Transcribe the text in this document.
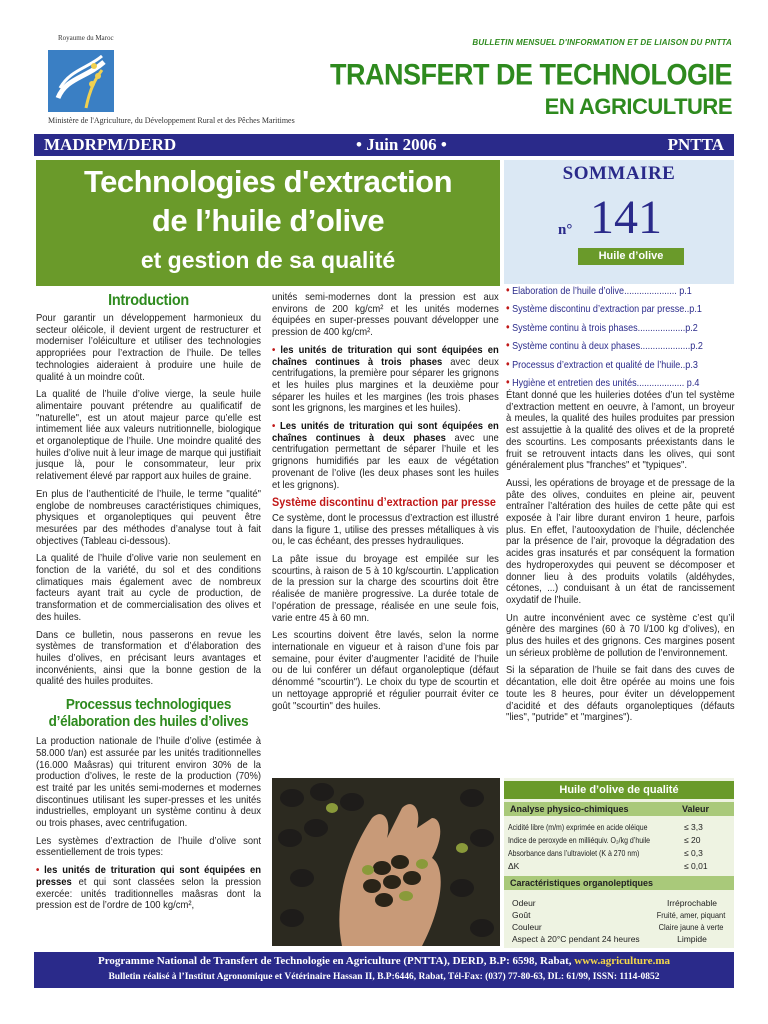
Royaume du Maroc
Ministère de l'Agriculture, du Développement Rural et des Pêches Maritimes
BULLETIN MENSUEL D'INFORMATION ET DE LIAISON DU PNTTA
TRANSFERT DE TECHNOLOGIE
EN AGRICULTURE
MADRPM/DERD	• Juin 2006 •	PNTTA
Technologies d'extraction
de l’huile d’olive
et gestion de sa qualité
SOMMAIRE
n° 141
Huile d’olive
• Elaboration de l’huile d’olive..................... p.1
• Système discontinu d’extraction par presse..p.1
• Système continu à trois phases...................p.2
• Système continu à deux phases....................p.2
• Processus d’extraction et qualité de l’huile..p.3
• Hygiène et entretien des unités................... p.4
Introduction

Pour garantir un développement harmonieux du secteur oléicole, il devient urgent de restructurer et moderniser l’oléiculture et utiliser des technologies appropriées pour l’extraction de l’huile. De telles technologies aideraient à produire une huile de qualité à un moindre coût.

La qualité de l’huile d’olive vierge, la seule huile alimentaire pouvant prétendre au qualificatif de "naturelle", est un atout majeur parce qu’elle est intimement liée aux valeurs nutritionnelle, biologique et organoleptique de l’huile. Une moindre qualité des huiles d’olive nuit à leur image de marque qui justifiait jusque là, pour le consommateur, leur prix relativement élevé par rapport aux huiles de graine.

En plus de l’authenticité de l’huile, le terme "qualité" englobe de nombreuses caractéristiques chimiques, physiques et organoleptiques qui peuvent être mesurées par des méthodes d’analyse tout à fait objectives (Tableau ci-dessous).

La qualité de l’huile d’olive varie non seulement en fonction de la variété, du sol et des conditions climatiques mais également avec de nombreux facteurs ayant trait au cycle de production, de transformation et de commercialisation des olives et des huiles.

Dans ce bulletin, nous passerons en revue les systèmes de transformation et d’élaboration des huiles d’olives, en précisant leurs avantages et inconvénients, ainsi que la bonne gestion de la qualité des huiles produites.

Processus technologiques d’élaboration des huiles d’olives

La production nationale de l’huile d’olive (estimée à 58.000 t/an) est assurée par les unités traditionnelles (16.000 Maâsras) qui triturent environ 30% de la production d’olives, le reste de la production (70%) est traité par les unités semi-modernes et modernes discontinues utilisant les super-presses et les unités industrielles, employant un système continu à deux ou trois phases, avec centrifugation.

Les systèmes d’extraction de l’huile d’olive sont essentiellement de trois types:

• les unités de trituration qui sont équipées en presses et qui sont classées selon la pression exercée: unités traditionnelles maâsras dont la pression est de l’ordre de 100 kg/cm²,

unités semi-modernes dont la pression est aux environs de 200 kg/cm² et les unités modernes équipées en super-presses pouvant développer une pression de 400 kg/cm².

• les unités de trituration qui sont équipées en chaînes continues à trois phases avec deux centrifugations, la première pour séparer les grignons et les huiles plus margines et la deuxième pour séparer les huiles et les margines (les trois phases sont les grignons, les margines et les huiles).

• Les unités de trituration qui sont équipées en chaînes continues à deux phases avec une centrifugation permettant de séparer l’huile et les grignons humidifiés par les eaux de végétation provenant de l’olive (les deux phases sont les huiles et les grignons).

Système discontinu d’extraction par presse

Ce système, dont le processus d’extraction est illustré dans la figure 1, utilise des presses métalliques à vis ou, le cas échéant, des presses hydrauliques.

La pâte issue du broyage est empilée sur les scourtins, à raison de 5 à 10 kg/scourtin. L’application de la pression sur la charge des scourtins doit être réalisée de manière progressive. La durée totale de l’opération de pressage, réalisée en une seule fois, varie entre 45 à 60 mn.

Les scourtins doivent être lavés, selon la norme internationale en vigueur et à raison d’une fois par semaine, pour éviter d’augmenter l’acidité de l’huile ou de lui conférer un défaut organoleptique (défaut dénommé "scourtin"). Le choix du type de scourtin et un nettoyage approprié et régulier pourrait éviter ce goût "scourtin" des huiles.

Étant donné que les huileries dotées d’un tel système d’extraction mettent en oeuvre, à l’amont, un broyeur à meules, la qualité des huiles produites par pression est assujettie à la qualité des olives et de la propreté des scourtins. Les composants préexistants dans le fruit se retrouvent intacts dans les olives, qui sont généralement plus "franches" et "typiques".

Aussi, les opérations de broyage et de pressage de la pâte des olives, conduites en pleine air, peuvent entraîner l’altération des huiles de cette pâte qui est exposée à l’air libre durant environ 1 heure, parfois plus. En effet, l’autooxydation de l’huile, déclenchée par la présence de l’air, provoque la dégradation des acides gras insaturés et par conséquent la formation des hydroperoxydes qui peuvent se décomposer et donner lieu à des produits volatils (aldéhydes, cétones, ...) conduisant à un état de rancissement oxydatif de l’huile.

Un autre inconvénient avec ce système c’est qu’il génère des margines (60 à 70 l/100 kg d’olives), en plus des huiles et des grignons. Ces margines posent un sérieux problème de pollution de l’environnement.

Si la séparation de l’huile se fait dans des cuves de décantation, elle doit être opérée au moins une fois toute les 8 heures, pour éviter un développement d’acidité et des défauts organoleptiques (défauts "lies", "putride" et "margines").

Analyse physico-chimiques	Valeur
Acidité libre (m/m) exprimée en acide oléique	≤ 3,3
Indice de peroxyde en milliéquiv. O₂/kg d’huile	≤ 20
Absorbance dans l’ultraviolet (K à 270 nm)	≤ 0,3
ΔK	≤ 0,01
Caractéristiques organoleptiques
Odeur	Irréprochable
Goût	Fruité, amer, piquant
Couleur	Claire jaune à verte
Aspect à 20°C pendant 24 heures	Limpide
Huile d’olive de qualité
Programme National de Transfert de Technologie en Agriculture (PNTTA), DERD, B.P: 6598, Rabat, www.agriculture.ma
Bulletin réalisé à l’Institut Agronomique et Vétérinaire Hassan II, B.P:6446, Rabat, Tél-Fax: (037) 77-80-63, DL: 61/99, ISSN: 1114-0852
